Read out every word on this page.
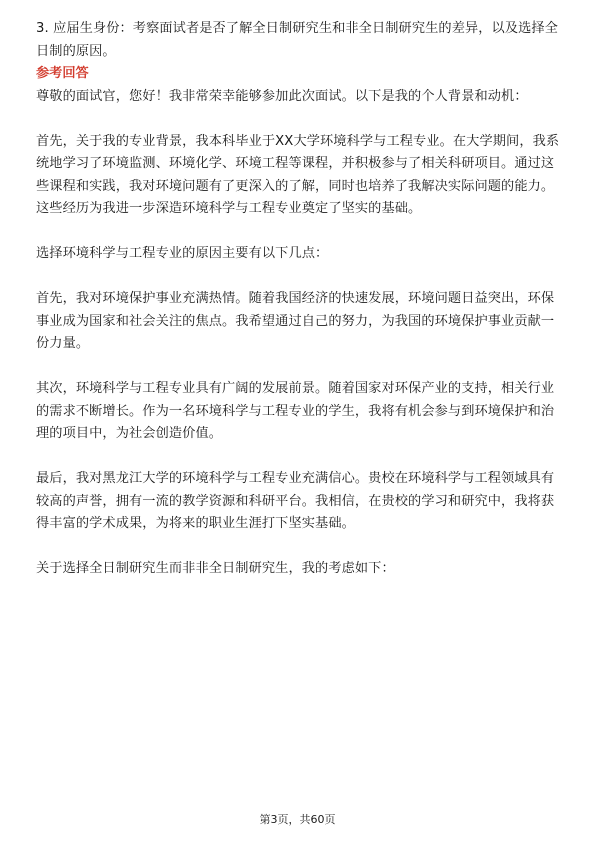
3. 应届生身份：考察面试者是否了解全日制研究生和非全日制研究生的差异，以及选择全日制的原因。

参考回答

尊敬的面试官，您好！我非常荣幸能够参加此次面试。以下是我的个人背景和动机：

首先，关于我的专业背景，我本科毕业于XX大学环境科学与工程专业。在大学期间，我系统地学习了环境监测、环境化学、环境工程等课程，并积极参与了相关科研项目。通过这些课程和实践，我对环境问题有了更深入的了解，同时也培养了我解决实际问题的能力。这些经历为我进一步深造环境科学与工程专业奠定了坚实的基础。

选择环境科学与工程专业的原因主要有以下几点：

首先，我对环境保护事业充满热情。随着我国经济的快速发展，环境问题日益突出，环保事业成为国家和社会关注的焦点。我希望通过自己的努力，为我国的环境保护事业贡献一份力量。

其次，环境科学与工程专业具有广阔的发展前景。随着国家对环保产业的支持，相关行业的需求不断增长。作为一名环境科学与工程专业的学生，我将有机会参与到环境保护和治理的项目中，为社会创造价值。

最后，我对黑龙江大学的环境科学与工程专业充满信心。贵校在环境科学与工程领域具有较高的声誉，拥有一流的教学资源和科研平台。我相信，在贵校的学习和研究中，我将获得丰富的学术成果，为将来的职业生涯打下坚实基础。

关于选择全日制研究生而非非全日制研究生，我的考虑如下：

第3页，共60页
